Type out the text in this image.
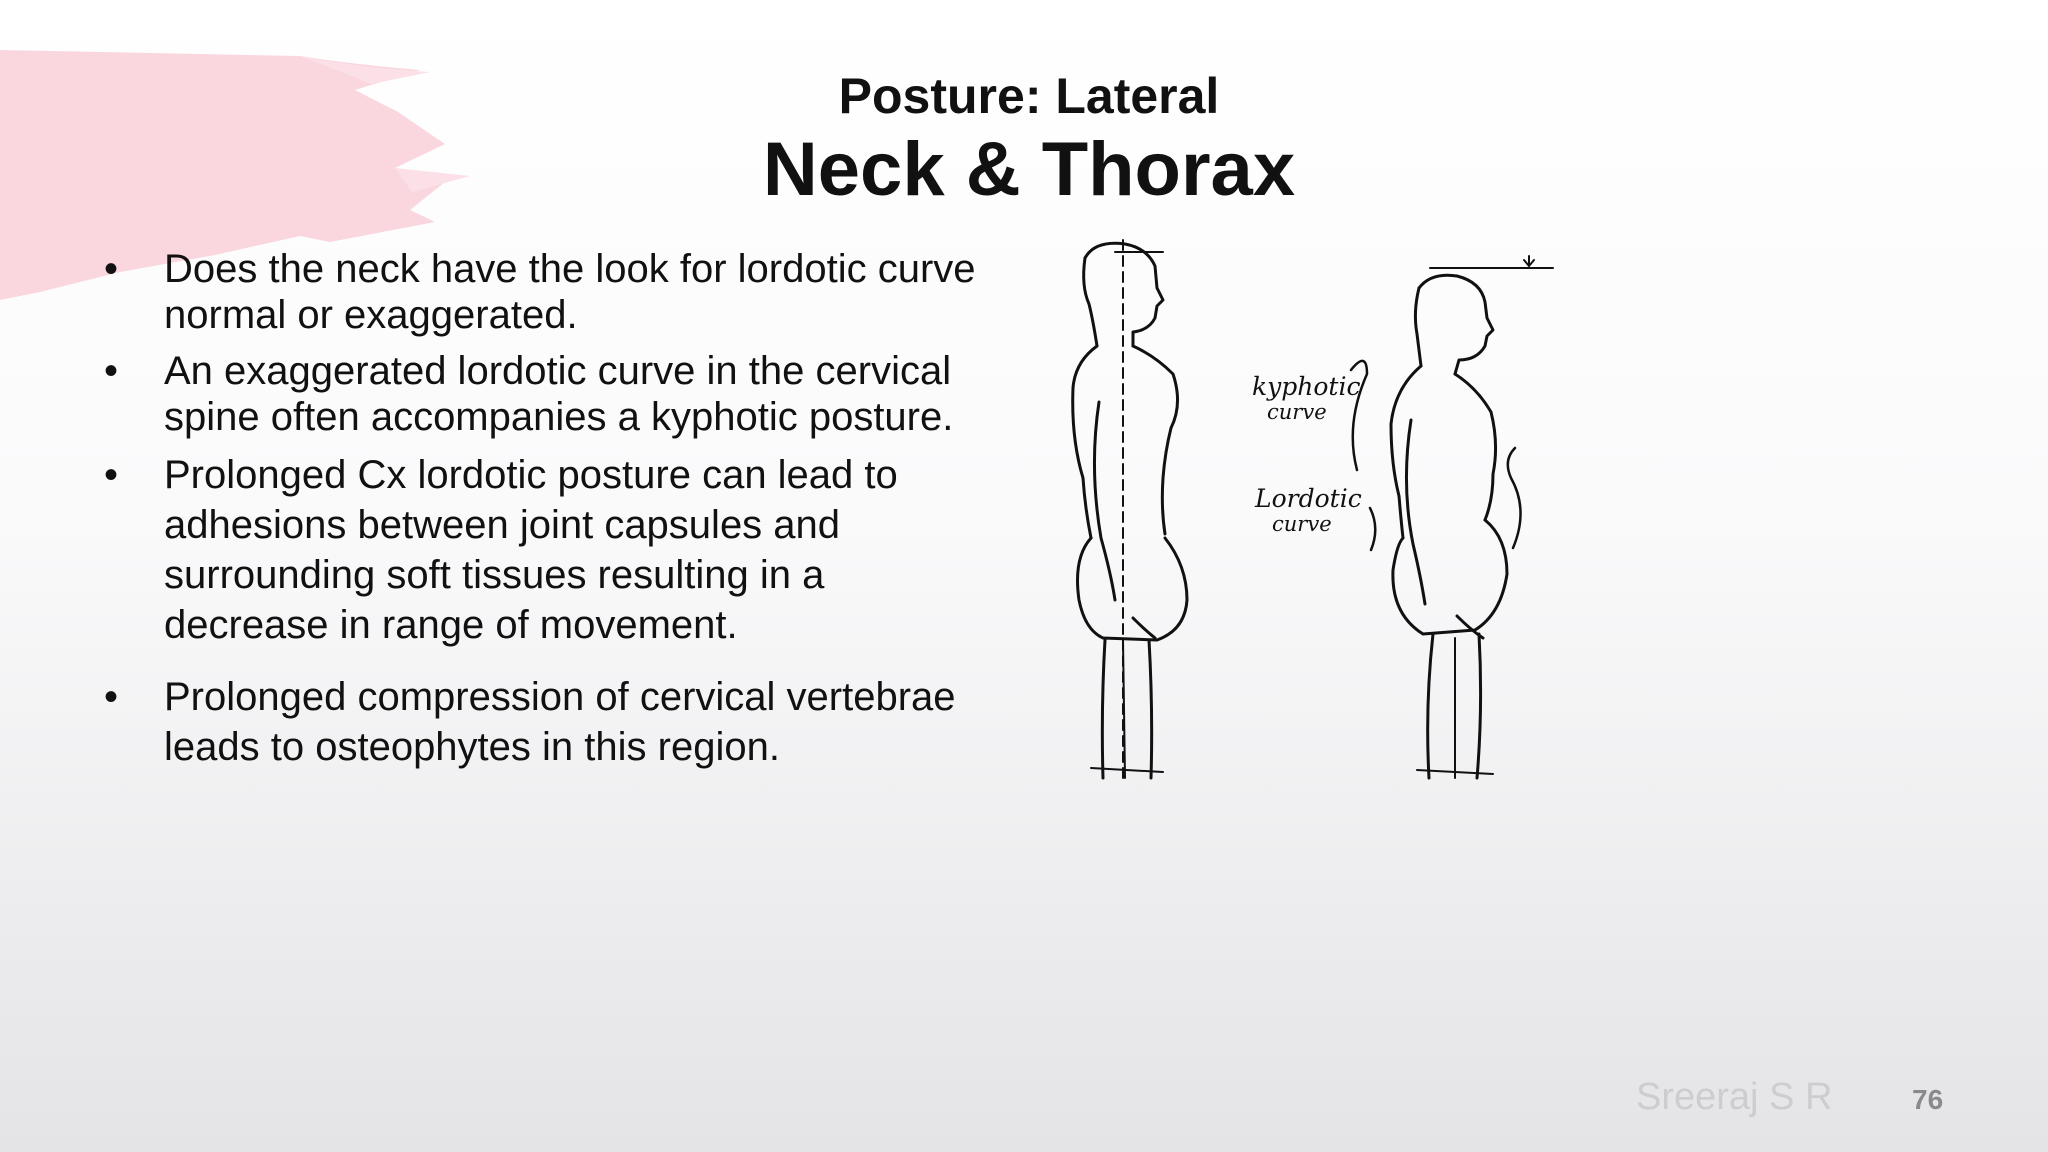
Posture: Lateral
Neck & Thorax
• Does the neck have the look for lordotic curve normal or exaggerated.
• An exaggerated lordotic curve in the cervical spine often accompanies a kyphotic posture.
• Prolonged Cx lordotic posture can lead to adhesions between joint capsules and surrounding soft tissues resulting in a decrease in range of movement.
• Prolonged compression of cervical vertebrae leads to osteophytes in this region.
kyphotic
curve
Lordotic
curve
Sreeraj S R	76
